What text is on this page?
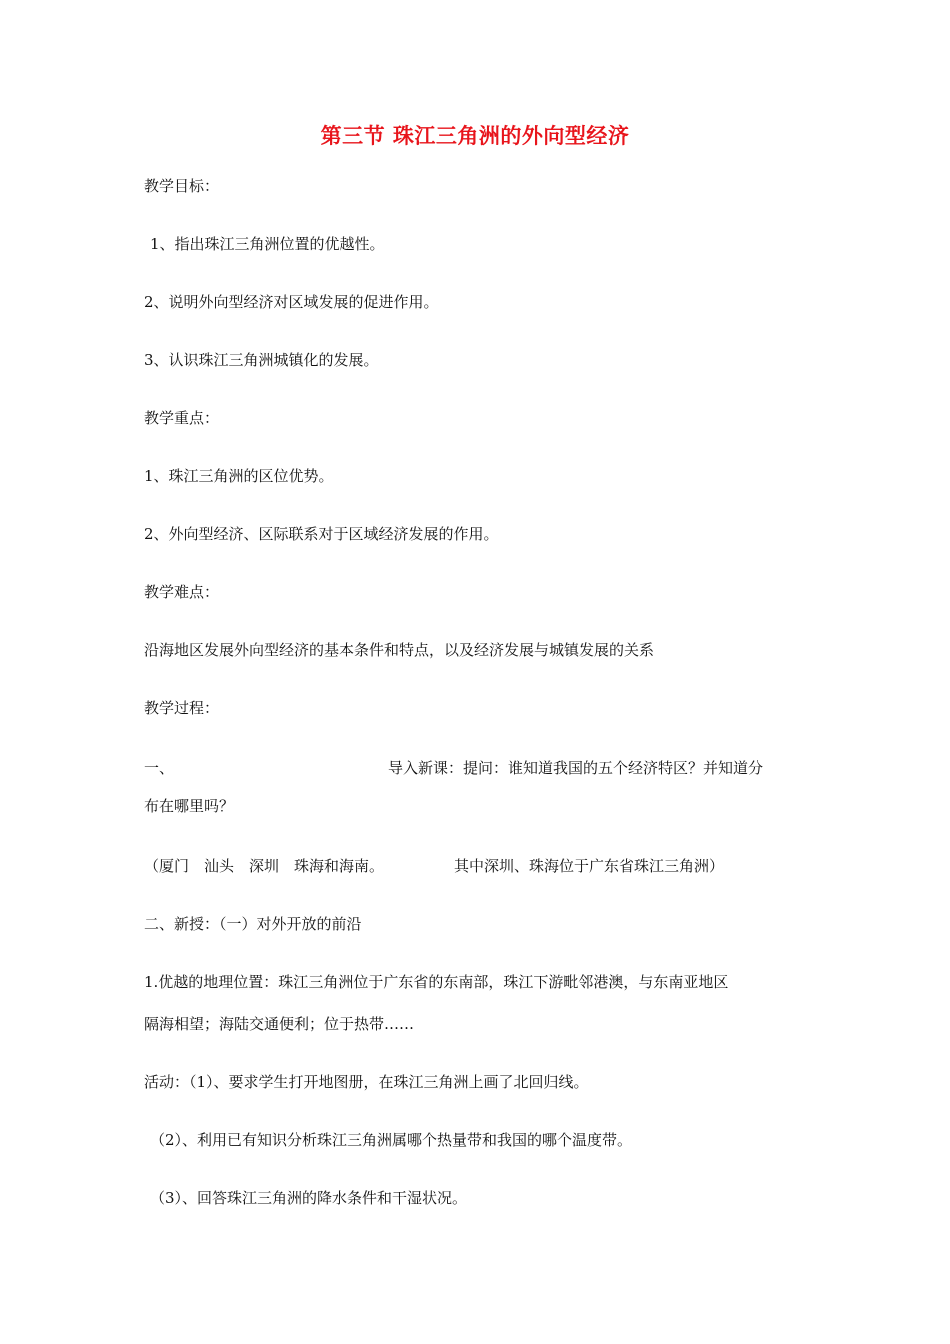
第三节 珠江三角洲的外向型经济
教学目标：
1、指出珠江三角洲位置的优越性。
2、说明外向型经济对区域发展的促进作用。
3、认识珠江三角洲城镇化的发展。
教学重点：
1、珠江三角洲的区位优势。
2、外向型经济、区际联系对于区域经济发展的作用。
教学难点：
沿海地区发展外向型经济的基本条件和特点，以及经济发展与城镇发展的关系
教学过程：
一、	导入新课：提问：谁知道我国的五个经济特区？并知道分
布在哪里吗？
（厦门　汕头　深圳　珠海和海南。	其中深圳、珠海位于广东省珠江三角洲）
二、新授：（一）对外开放的前沿
1.优越的地理位置：珠江三角洲位于广东省的东南部，珠江下游毗邻港澳，与东南亚地区
隔海相望；海陆交通便利；位于热带……
活动：（1）、要求学生打开地图册，在珠江三角洲上画了北回归线。
（2）、利用已有知识分析珠江三角洲属哪个热量带和我国的哪个温度带。
（3）、回答珠江三角洲的降水条件和干湿状况。
